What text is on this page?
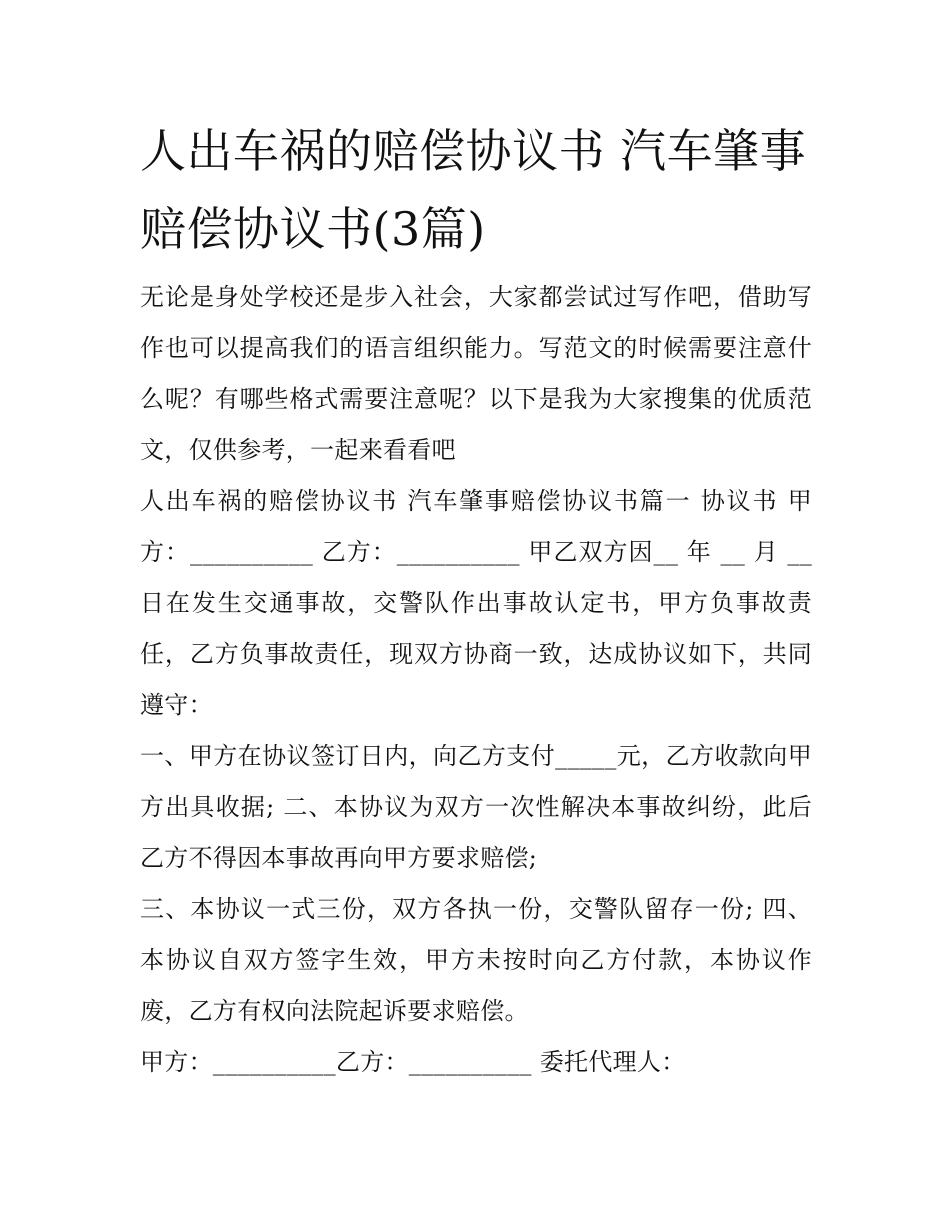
人出车祸的赔偿协议书 汽车肇事赔偿协议书(3篇)

无论是身处学校还是步入社会，大家都尝试过写作吧，借助写作也可以提高我们的语言组织能力。写范文的时候需要注意什么呢？有哪些格式需要注意呢？以下是我为大家搜集的优质范文，仅供参考，一起来看看吧

人出车祸的赔偿协议书 汽车肇事赔偿协议书篇一 协议书 甲方：__________ 乙方：__________ 甲乙双方因__ 年 __ 月 __ 日在发生交通事故，交警队作出事故认定书，甲方负事故责任，乙方负事故责任，现双方协商一致，达成协议如下，共同遵守：

一、甲方在协议签订日内，向乙方支付_____元，乙方收款向甲方出具收据; 二、本协议为双方一次性解决本事故纠纷，此后乙方不得因本事故再向甲方要求赔偿;

三、本协议一式三份，双方各执一份，交警队留存一份; 四、本协议自双方签字生效，甲方未按时向乙方付款，本协议作废，乙方有权向法院起诉要求赔偿。

甲方：__________乙方：__________ 委托代理人：
